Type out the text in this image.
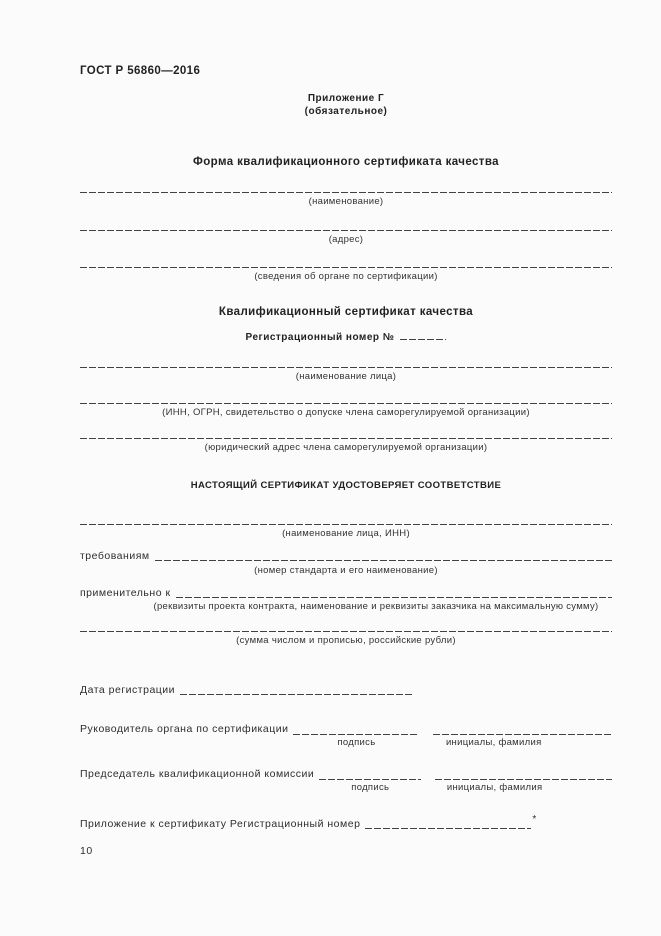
ГОСТ Р 56860—2016
Приложение Г
(обязательное)
Форма квалификационного сертификата качества
(наименование)
(адрес)
(сведения об органе по сертификации)
Квалификационный сертификат качества
Регистрационный номер №
(наименование лица)
(ИНН, ОГРН, свидетельство о допуске члена саморегулируемой организации)
(юридический адрес члена саморегулируемой организации)
НАСТОЯЩИЙ СЕРТИФИКАТ УДОСТОВЕРЯЕТ СООТВЕТСТВИЕ
(наименование лица, ИНН)
требованиям
(номер стандарта и его наименование)
применительно к
(реквизиты проекта контракта, наименование и реквизиты заказчика на максимальную сумму)
(сумма числом и прописью, российские рубли)
Дата регистрации
Руководитель органа по сертификации
подпись	инициалы, фамилия
Председатель квалификационной комиссии
подпись	инициалы, фамилия
Приложение к сертификату Регистрационный номер	*
10
